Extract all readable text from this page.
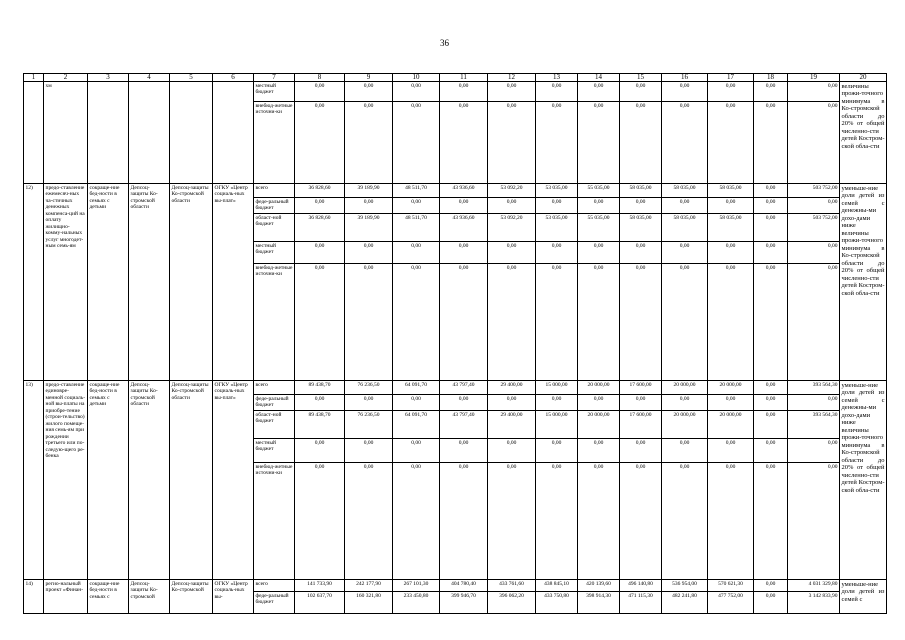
36
1	2	3	4	5	6	7	8	9	10	11	12	13	14	15	16	17	18	19	20
	хм					местный бюджет	0,00	0,00	0,00	0,00	0,00	0,00	0,00	0,00	0,00	0,00	0,00	0,00	величины прожи-точного минимума в Ко-стромской области до 20% от общей численно-сти детей Костром-ской обла-сти
						внебюд-жетные источни-ки	0,00	0,00	0,00	0,00	0,00	0,00	0,00	0,00	0,00	0,00	0,00	0,00	
12)	предо-ставление ежемесяч-ных ча-стичных денежных компенса-ций на оплату жилищно-комму-нальных услуг многодет-ным семь-ям	сокраще-ние бед-ности в семьях с детьми	Депсоц-защиты Ко-стромской области	Депсоц-защиты Ко-стромской области	ОГКУ «Центр социаль-ных вы-плат»	всего	36 828,60	39 189,90	48 511,70	43 936,60	53 092,20	53 035,00	55 035,00	58 035,00	58 035,00	58 035,00	0,00	503 752,00	уменьше-ние доли детей из семей с денежны-ми дохо-дами ниже величины прожи-точного минимума в Ко-стромской области до 20% от общей численно-сти детей Костром-ской обла-сти
						феде-ральный бюджет	0,00	0,00	0,00	0,00	0,00	0,00	0,00	0,00	0,00	0,00	0,00	0,00	
						област-ной бюджет	36 828,60	39 189,90	48 511,70	43 936,60	53 092,20	53 035,00	55 035,00	58 035,00	58 035,00	58 035,00	0,00	503 752,00	
						местный бюджет	0,00	0,00	0,00	0,00	0,00	0,00	0,00	0,00	0,00	0,00	0,00	0,00	
						внебюд-жетные источни-ки	0,00	0,00	0,00	0,00	0,00	0,00	0,00	0,00	0,00	0,00	0,00	0,00	
13)	предо-ставление единовре-менной социаль-ной вы-платы на приобре-тение (строи-тельство) жилого помеще-ния семь-ям при рождении третьего или по-следую-щего ре-бенка	сокраще-ние бед-ности в семьях с детьми	Депсоц-защиты Ко-стромской области	Депсоц-защиты Ко-стромской области	ОГКУ «Центр социаль-ных вы-плат»	всего	89 438,70	76 236,50	64 091,70	43 797,40	29 400,00	15 000,00	20 000,00	17 600,00	20 000,00	20 000,00	0,00	393 564,30	уменьше-ние доли детей из семей с денежны-ми дохо-дами ниже величины прожи-точного минимума в Ко-стромской области до 20% от общей численно-сти детей Костром-ской обла-сти
						феде-ральный бюджет	0,00	0,00	0,00	0,00	0,00	0,00	0,00	0,00	0,00	0,00	0,00	0,00	
						област-ной бюджет	89 438,70	76 236,50	64 091,70	43 797,40	29 400,00	15 000,00	20 000,00	17 600,00	20 000,00	20 000,00	0,00	393 564,30	
						местный бюджет	0,00	0,00	0,00	0,00	0,00	0,00	0,00	0,00	0,00	0,00	0,00	0,00	
						внебюд-жетные источни-ки	0,00	0,00	0,00	0,00	0,00	0,00	0,00	0,00	0,00	0,00	0,00	0,00	
14)	регио-нальный проект «Финан-	сокраще-ние бед-ности в семьях с	Депсоц-защиты Ко-стромской	Депсоц-защиты Ко-стромской	ОГКУ «Центр социаль-ных вы-	всего	141 733,90	242 177,90	267 101,30	404 780,40	433 761,60	438 845,10	420 139,60	496 140,80	536 954,00	570 621,30	0,00	4 031 329,80	уменьше-ние доли детей из семей с
						феде-ральный бюджет	102 637,70	160 321,80	233 450,80	399 946,70	396 062,20	433 750,80	398 914,30	471 115,30	482 241,80	477 752,00	0,00	3 142 833,90	
